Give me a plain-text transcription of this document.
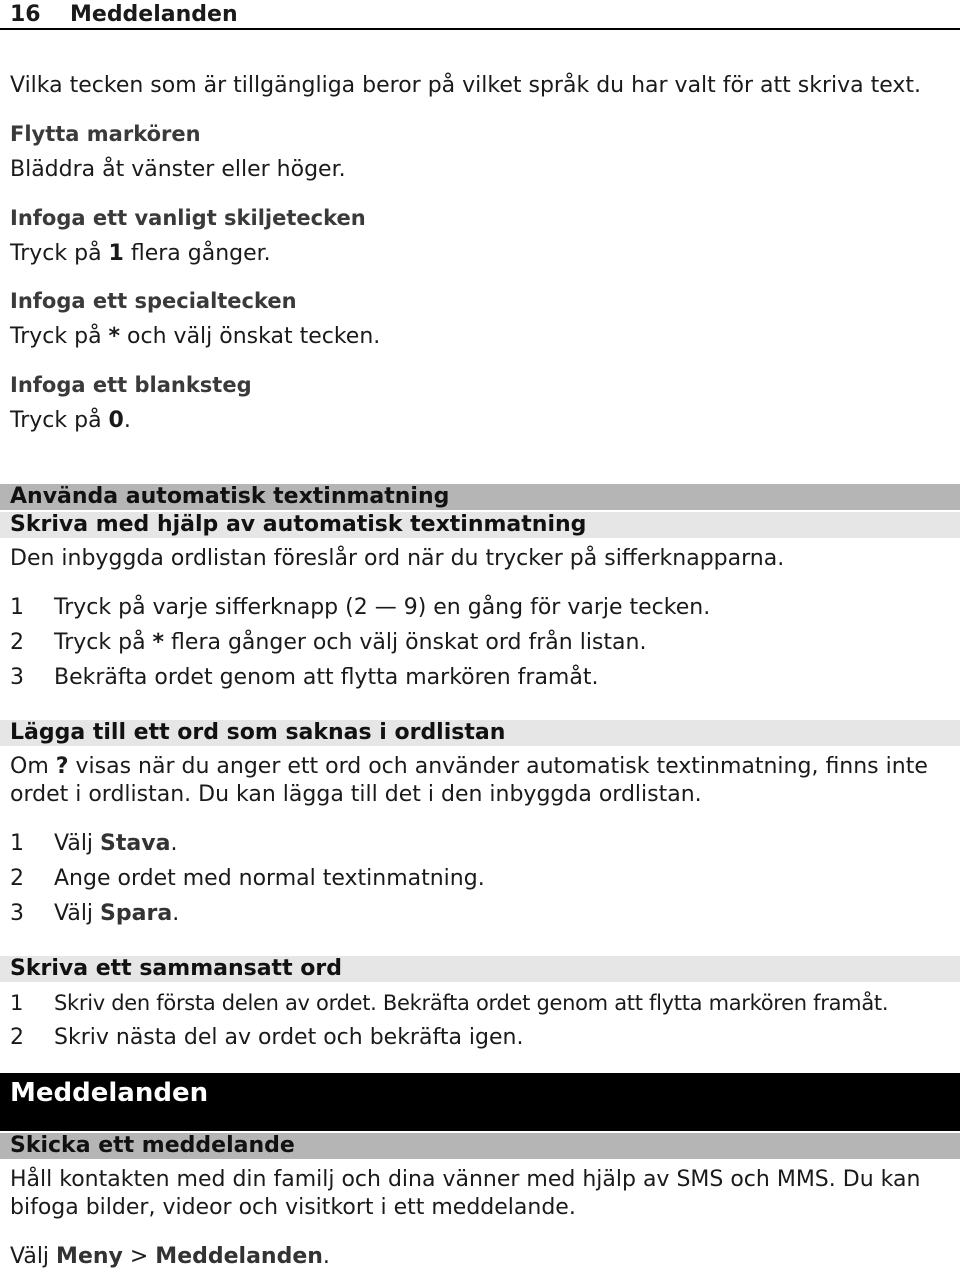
16 Meddelanden
Vilka tecken som är tillgängliga beror på vilket språk du har valt för att skriva text.
Flytta markören
Bläddra åt vänster eller höger.
Infoga ett vanligt skiljetecken
Tryck på 1 flera gånger.
Infoga ett specialtecken
Tryck på * och välj önskat tecken.
Infoga ett blanksteg
Tryck på 0.
Använda automatisk textinmatning
Skriva med hjälp av automatisk textinmatning
Den inbyggda ordlistan föreslår ord när du trycker på sifferknapparna.
1 Tryck på varje sifferknapp (2 — 9) en gång för varje tecken.
2 Tryck på * flera gånger och välj önskat ord från listan.
3 Bekräfta ordet genom att flytta markören framåt.
Lägga till ett ord som saknas i ordlistan
Om ? visas när du anger ett ord och använder automatisk textinmatning, finns inte ordet i ordlistan. Du kan lägga till det i den inbyggda ordlistan.
1 Välj Stava.
2 Ange ordet med normal textinmatning.
3 Välj Spara.
Skriva ett sammansatt ord
1 Skriv den första delen av ordet. Bekräfta ordet genom att flytta markören framåt.
2 Skriv nästa del av ordet och bekräfta igen.
Meddelanden
Skicka ett meddelande
Håll kontakten med din familj och dina vänner med hjälp av SMS och MMS. Du kan bifoga bilder, videor och visitkort i ett meddelande.
Välj Meny > Meddelanden.
